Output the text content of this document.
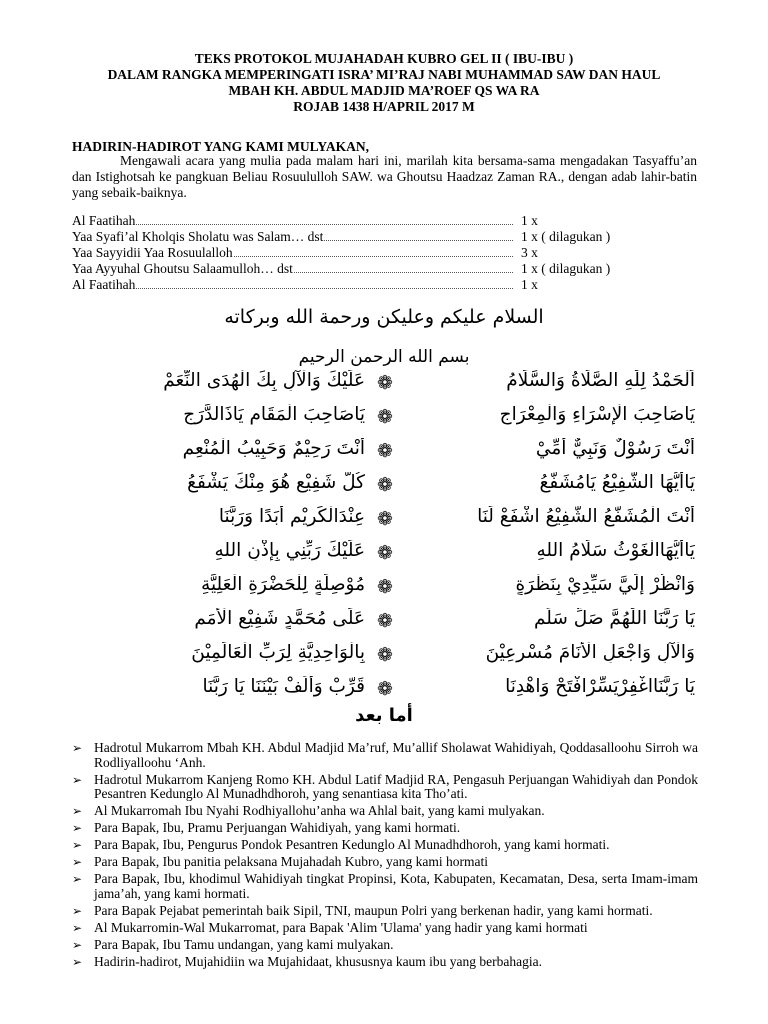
TEKS PROTOKOL MUJAHADAH KUBRO GEL II ( IBU-IBU )
DALAM RANGKA MEMPERINGATI ISRA’ MI’RAJ NABI MUHAMMAD SAW DAN HAUL
MBAH KH. ABDUL MADJID MA’ROEF QS WA RA
ROJAB 1438 H/APRIL 2017 M
HADIRIN-HADIROT YANG KAMI MULYAKAN,

Mengawali acara yang mulia pada malam hari ini, marilah kita bersama-sama mengadakan Tasyaffu’an dan Istighotsah ke pangkuan Beliau Rosuululloh SAW. wa Ghoutsu Haadzaz Zaman RA., dengan adab lahir-batin yang sebaik-baiknya.

Al Faatihah	1 x
Yaa Syafi’al Kholqis Sholatu was Salam… dst	1 x ( dilagukan )
Yaa Sayyidii Yaa Rosuulalloh	3 x
Yaa Ayyuhal Ghoutsu Salaamulloh… dst	1 x ( dilagukan )
Al Faatihah	1 x
السلام عليكم وعليكن ورحمة الله وبركاته
بسم الله الرحمن الرحيم
اَلْحَمْدُ لِلّٰهِ الصَّلَاةُ وَالسَّلَامُ
❁
عَلَيْكَ وَالْآلِ بِكَ الْهُدَى النِّعَمْ
يَاصَاحِبَ الْإِسْرَاءِ وَالْمِعْرَاجِ
❁
يَاصَاحِبَ الْمَقَامِ يَاذَالدَّرَجِ
أَنْتَ رَسُوْلٌ وَنَبِيٌّ أُمِّيْ
❁
أَنْتَ رَحِيْمٌ وَحَبِيْبُ الْمُنْعِمِ
يَاأَيُّهَا الشَّفِيْعُ يَامُشَفَّعُ
❁
كُلُّ شَفِيْعٍ هُوَ مِنْكَ يَشْفَعُ
أَنْتَ الْمُشَفَّعُ الشَّفِيْعُ اشْفَعْ لَنَا
❁
عِنْدَالْكَرِيْمِ أَبَدًا وَرَبَّنَا
يَاأَيُّهَاالْغَوْثُ سَلَامُ اللهِ
❁
عَلَيْكَ رَبِّنِي بِإِذْنِ اللهِ
وَانْظُرْ إِلَيَّ سَيِّدِيْ بِنَظْرَةٍ
❁
مُوْصِلَةٍ لِلْحَضْرَةِ الْعَلِيَّةِ
يَا رَبَّنَا اللّٰهُمَّ صَلِّ سَلِّمِ
❁
عَلَى مُحَمَّدٍ شَفِيْعِ الْأُمَمِ
وَالْآلِ وَاجْعَلِ الْأَنَامَ مُسْرِعِيْنَ
❁
بِالْوَاحِدِيَّةِ لِرَبِّ الْعَالَمِيْنَ
يَا رَبَّنَااغْفِرْيَسِّرْافْتَحْ وَاهْدِنَا
❁
قَرِّبْ وَأَلِّفْ بَيْنَنَا يَا رَبَّنَا
أما بعد
➢ Hadrotul Mukarrom Mbah KH. Abdul Madjid Ma’ruf, Mu’allif Sholawat Wahidiyah, Qoddasalloohu Sirroh wa Rodliyalloohu ‘Anh.
➢ Hadrotul Mukarrom Kanjeng Romo KH. Abdul Latif Madjid RA, Pengasuh Perjuangan Wahidiyah dan Pondok Pesantren Kedunglo Al Munadhdhoroh, yang senantiasa kita Tho’ati.
➢ Al Mukarromah Ibu Nyahi Rodhiyallohu’anha wa Ahlal bait, yang kami mulyakan.
➢ Para Bapak, Ibu, Pramu Perjuangan Wahidiyah, yang kami hormati.
➢ Para Bapak, Ibu, Pengurus Pondok Pesantren Kedunglo Al Munadhdhoroh, yang kami hormati.
➢ Para Bapak, Ibu panitia pelaksana Mujahadah Kubro, yang kami hormati
➢ Para Bapak, Ibu, khodimul Wahidiyah tingkat Propinsi, Kota, Kabupaten, Kecamatan, Desa, serta Imam-imam jama’ah, yang kami hormati.
➢ Para Bapak Pejabat pemerintah baik Sipil, TNI, maupun Polri yang berkenan hadir, yang kami hormati.
➢ Al Mukarromin-Wal Mukarromat, para Bapak 'Alim 'Ulama' yang hadir yang kami hormati
➢ Para Bapak, Ibu Tamu undangan, yang kami mulyakan.
➢ Hadirin-hadirot, Mujahidiin wa Mujahidaat, khususnya kaum ibu yang berbahagia.
